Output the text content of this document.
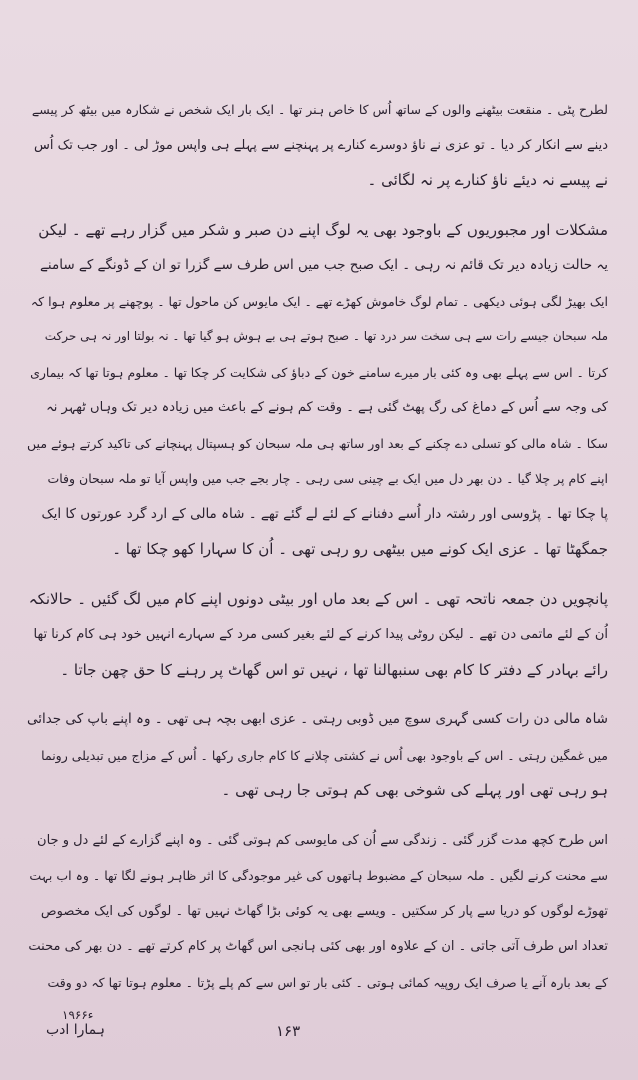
لطرح پٹی ۔ منقعت بیٹھنے والوں کے ساتھ اُس کا خاص ہنر تھا ۔ ایک بار ایک شخص نے شکارہ میں بیٹھ کر پیسے
دینے سے انکار کر دیا ۔ تو عزی نے ناؤ دوسرے کنارے پر پہنچنے سے پہلے ہی واپس موڑ لی ۔ اور جب تک اُس
نے پیسے نہ دیئے ناؤ کنارے پر نہ لگائی ۔
مشکلات اور مجبوریوں کے باوجود بھی یہ لوگ اپنے دن صبر و شکر میں گزار رہے تھے ۔ لیکن
یہ حالت زیادہ دیر تک قائم نہ رہی ۔ ایک صبح جب میں اس طرف سے گزرا تو ان کے ڈونگے کے سامنے
ایک بھیڑ لگی ہوئی دیکھی ۔ تمام لوگ خاموش کھڑے تھے ۔ ایک مایوس کن ماحول تھا ۔ پوچھنے پر معلوم ہوا کہ
ملہ سبحان جیسے رات سے ہی سخت سر درد تھا ۔ صبح ہوتے ہی بے ہوش ہو گیا تھا ۔ نہ بولتا اور نہ ہی حرکت
کرتا ۔ اس سے پہلے بھی وہ کئی بار میرے سامنے خون کے دباؤ کی شکایت کر چکا تھا ۔ معلوم ہوتا تھا کہ بیماری
کی وجہ سے اُس کے دماغ کی رگ پھٹ گئی ہے ۔ وقت کم ہونے کے باعث میں زیادہ دیر تک وہاں ٹھہر نہ
سکا ۔ شاہ مالی کو تسلی دے چکنے کے بعد اور ساتھ ہی ملہ سبحان کو ہسپتال پہنچانے کی تاکید کرتے ہوئے میں
اپنے کام پر چلا گیا ۔ دن بھر دل میں ایک بے چینی سی رہی ۔ چار بجے جب میں واپس آیا تو ملہ سبحان وفات
پا چکا تھا ۔ پڑوسی اور رشتہ دار اُسے دفنانے کے لئے لے گئے تھے ۔ شاہ مالی کے ارد گرد عورتوں کا ایک
جمگھٹا تھا ۔ عزی ایک کونے میں بیٹھی رو رہی تھی ۔ اُن کا سہارا کھو چکا تھا ۔
پانچویں دن جمعہ ناتحہ تھی ۔ اس کے بعد ماں اور بیٹی دونوں اپنے کام میں لگ گئیں ۔ حالانکہ
اُن کے لئے ماتمی دن تھے ۔ لیکن روٹی پیدا کرنے کے لئے بغیر کسی مرد کے سہارے انہیں خود ہی کام کرنا تھا
رائے بہادر کے دفتر کا کام بھی سنبھالنا تھا ، نہیں تو اس گھاٹ پر رہنے کا حق چھن جاتا ۔
شاہ مالی دن رات کسی گہری سوچ میں ڈوبی رہتی ۔ عزی ابھی بچہ ہی تھی ۔ وہ اپنے باپ کی جدائی
میں غمگین رہتی ۔ اس کے باوجود بھی اُس نے کشتی چلانے کا کام جاری رکھا ۔ اُس کے مزاج میں تبدیلی رونما
ہو رہی تھی اور پہلے کی شوخی بھی کم ہوتی جا رہی تھی ۔
اس طرح کچھ مدت گزر گئی ۔ زندگی سے اُن کی مایوسی کم ہوتی گئی ۔ وہ اپنے گزارے کے لئے دل و جان
سے محنت کرنے لگیں ۔ ملہ سبحان کے مضبوط ہاتھوں کی غیر موجودگی کا اثر ظاہر ہونے لگا تھا ۔ وہ اب بہت
تھوڑے لوگوں کو دریا سے پار کر سکتیں ۔ ویسے بھی یہ کوئی بڑا گھاٹ نہیں تھا ۔ لوگوں کی ایک مخصوص
تعداد اس طرف آتی جاتی ۔ ان کے علاوہ اور بھی کئی ہانجی اس گھاٹ پر کام کرتے تھے ۔ دن بھر کی محنت
کے بعد بارہ آنے یا صرف ایک روپیہ کمائی ہوتی ۔ کئی بار تو اس سے کم پلے پڑتا ۔ معلوم ہوتا تھا کہ دو وقت
۱۹۶۶ء
ہمارا ادب	۱۶۳
